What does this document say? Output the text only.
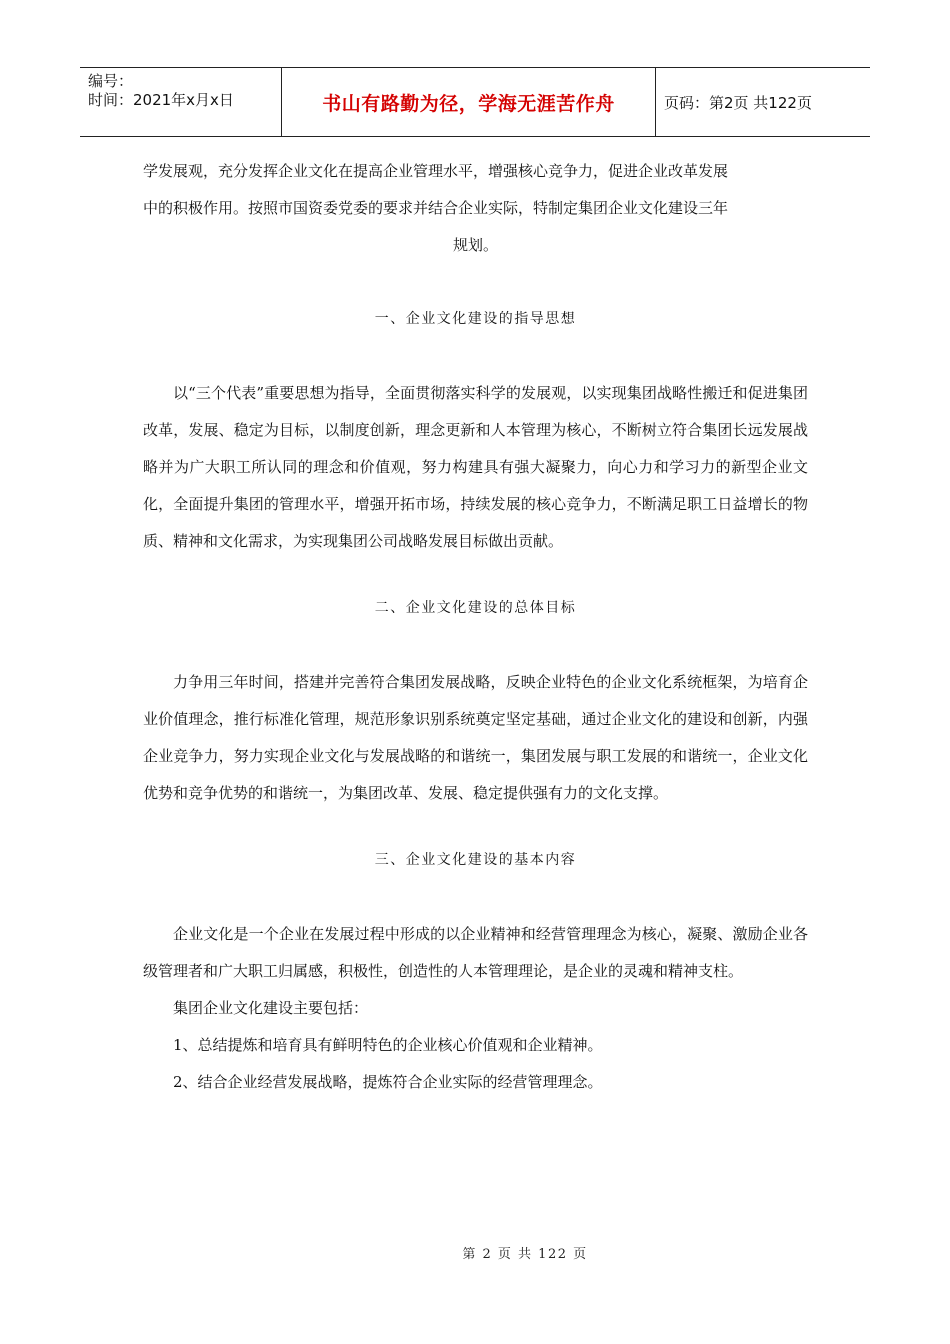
编号：
时间：2021年x月x日	书山有路勤为径，学海无涯苦作舟	页码：第2页 共122页

学发展观，充分发挥企业文化在提高企业管理水平，增强核心竞争力，促进企业改革发展

中的积极作用。按照市国资委党委的要求并结合企业实际，特制定集团企业文化建设三年

规划。

一、企业文化建设的指导思想

以“三个代表”重要思想为指导，全面贯彻落实科学的发展观，以实现集团战略性搬迁和促进集团改革，发展、稳定为目标，以制度创新，理念更新和人本管理为核心，不断树立符合集团长远发展战略并为广大职工所认同的理念和价值观，努力构建具有强大凝聚力，向心力和学习力的新型企业文化，全面提升集团的管理水平，增强开拓市场，持续发展的核心竞争力，不断满足职工日益增长的物质、精神和文化需求，为实现集团公司战略发展目标做出贡献。

二、企业文化建设的总体目标

力争用三年时间，搭建并完善符合集团发展战略，反映企业特色的企业文化系统框架，为培育企业价值理念，推行标准化管理，规范形象识别系统奠定坚定基础，通过企业文化的建设和创新，内强企业竞争力，努力实现企业文化与发展战略的和谐统一，集团发展与职工发展的和谐统一，企业文化优势和竞争优势的和谐统一，为集团改革、发展、稳定提供强有力的文化支撑。

三、企业文化建设的基本内容

企业文化是一个企业在发展过程中形成的以企业精神和经营管理理念为核心，凝聚、激励企业各级管理者和广大职工归属感，积极性，创造性的人本管理理论，是企业的灵魂和精神支柱。

集团企业文化建设主要包括：

1、总结提炼和培育具有鲜明特色的企业核心价值观和企业精神。

2、结合企业经营发展战略，提炼符合企业实际的经营管理理念。

第 2 页 共 122 页
